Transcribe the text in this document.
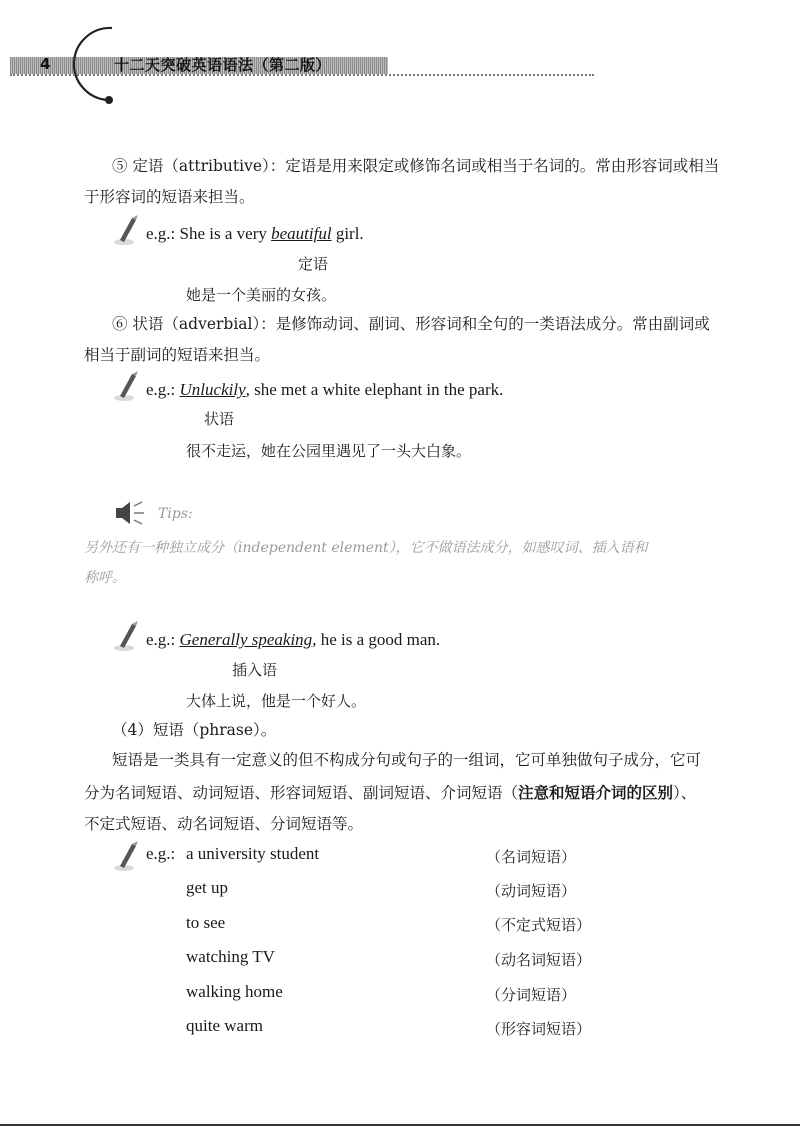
4	十二天突破英语语法（第二版）
⑤ 定语（attributive）：定语是用来限定或修饰名词或相当于名词的。常由形容词或相当
于形容词的短语来担当。
e.g.: She is a very beautiful girl.
定语
她是一个美丽的女孩。
⑥ 状语（adverbial）：是修饰动词、副词、形容词和全句的一类语法成分。常由副词或
相当于副词的短语来担当。
e.g.: Unluckily, she met a white elephant in the park.
状语
很不走运，她在公园里遇见了一头大白象。
Tips:
另外还有一种独立成分（independent element），它不做语法成分，如感叹词、插入语和
称呼。
e.g.: Generally speaking, he is a good man.
插入语
大体上说，他是一个好人。
（4）短语（phrase）。
短语是一类具有一定意义的但不构成分句或句子的一组词，它可单独做句子成分，它可
分为名词短语、动词短语、形容词短语、副词短语、介词短语（注意和短语介词的区别）、
不定式短语、动名词短语、分词短语等。
e.g.: a university student	（名词短语）
get up	（动词短语）
to see	（不定式短语）
watching TV	（动名词短语）
walking home	（分词短语）
quite warm	（形容词短语）
